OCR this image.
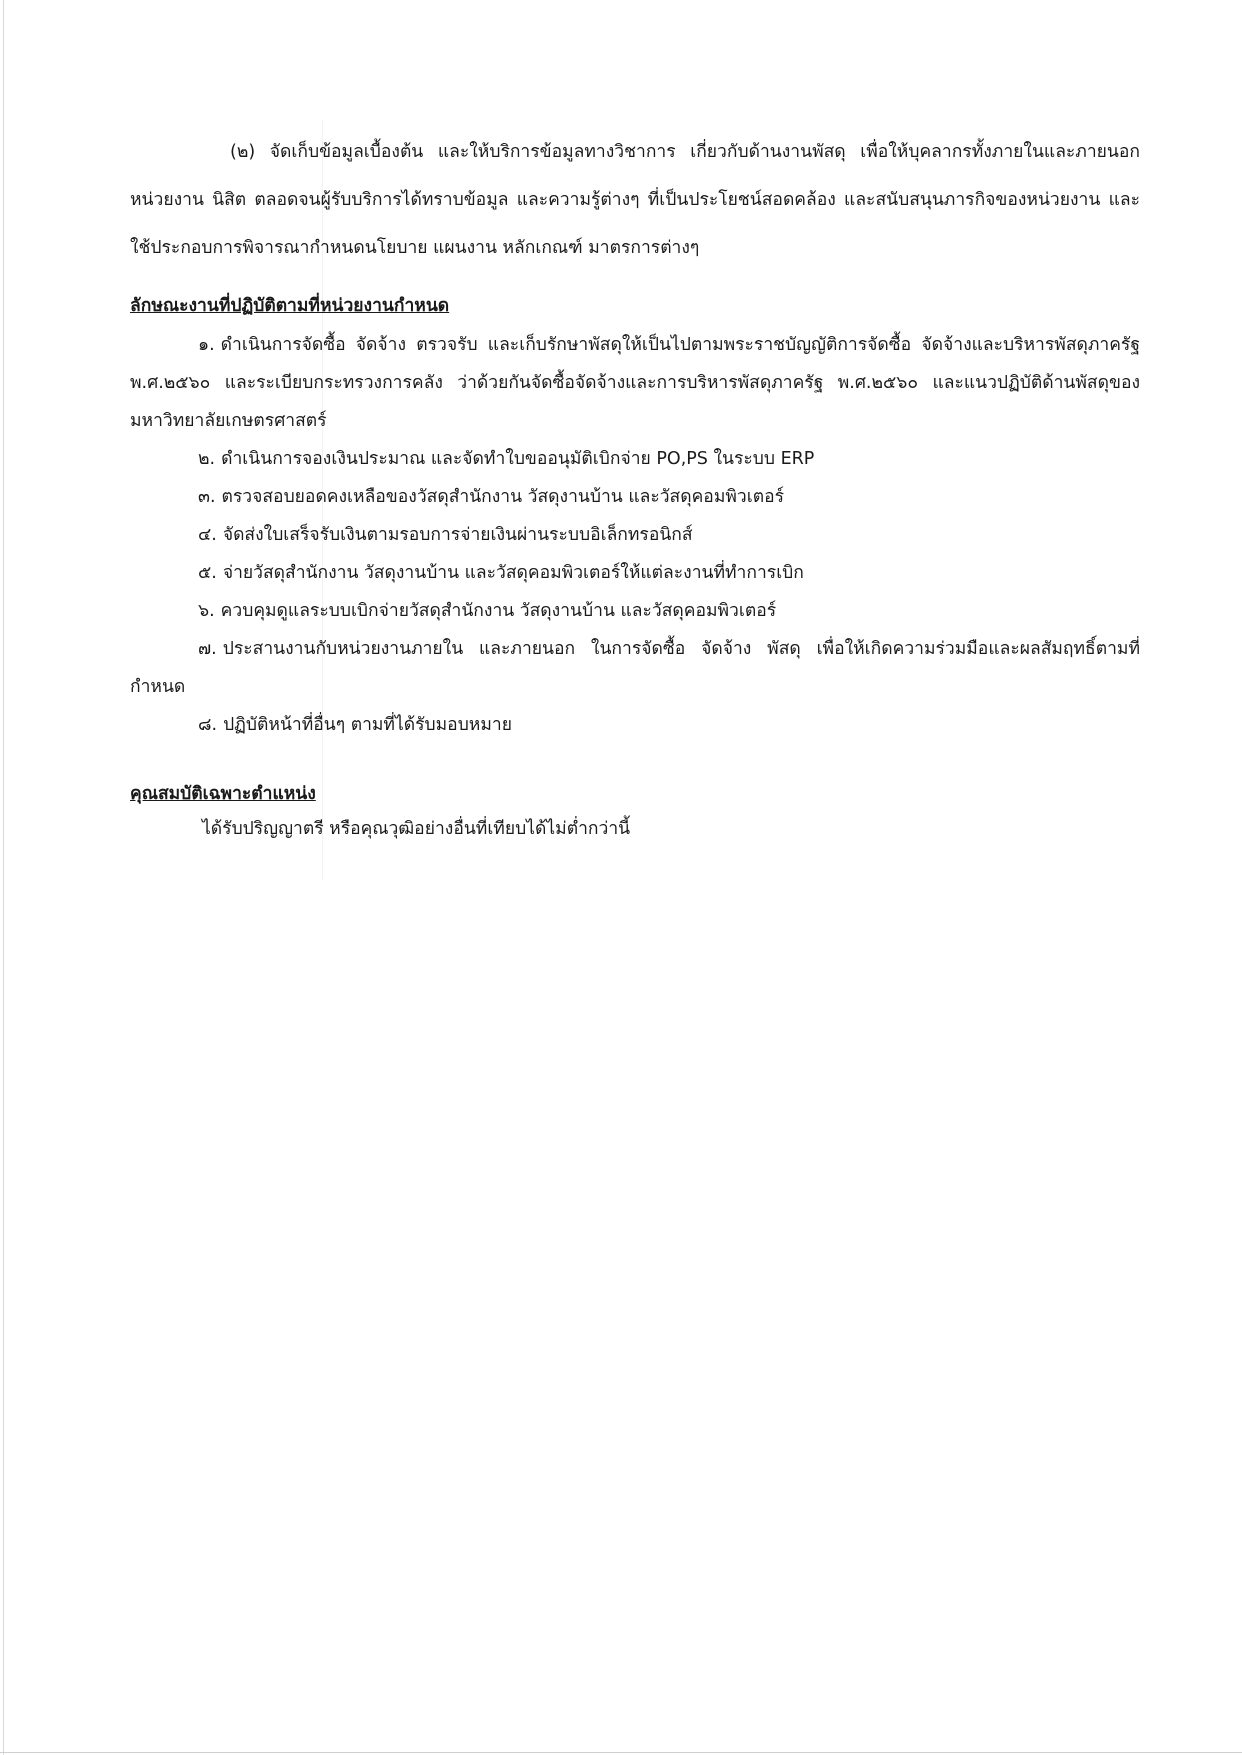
(๒) จัดเก็บข้อมูลเบื้องต้น และให้บริการข้อมูลทางวิชาการ เกี่ยวกับด้านงานพัสดุ เพื่อให้บุคลากรทั้งภายในและภายนอกหน่วยงาน นิสิต ตลอดจนผู้รับบริการได้ทราบข้อมูล และความรู้ต่างๆ ที่เป็นประโยชน์สอดคล้อง และสนับสนุนภารกิจของหน่วยงาน และใช้ประกอบการพิจารณากำหนดนโยบาย แผนงาน หลักเกณฑ์ มาตรการต่างๆ

ลักษณะงานที่ปฏิบัติตามที่หน่วยงานกำหนด
๑. ดำเนินการจัดซื้อ จัดจ้าง ตรวจรับ และเก็บรักษาพัสดุให้เป็นไปตามพระราชบัญญัติการจัดซื้อ จัดจ้างและบริหารพัสดุภาครัฐ พ.ศ.๒๕๖๐ และระเบียบกระทรวงการคลัง ว่าด้วยกันจัดซื้อจัดจ้างและการบริหารพัสดุภาครัฐ พ.ศ.๒๕๖๐ และแนวปฏิบัติด้านพัสดุของมหาวิทยาลัยเกษตรศาสตร์
๒. ดำเนินการจองเงินประมาณ และจัดทำใบขออนุมัติเบิกจ่าย PO,PS ในระบบ ERP
๓. ตรวจสอบยอดคงเหลือของวัสดุสำนักงาน วัสดุงานบ้าน และวัสดุคอมพิวเตอร์
๔. จัดส่งใบเสร็จรับเงินตามรอบการจ่ายเงินผ่านระบบอิเล็กทรอนิกส์
๕. จ่ายวัสดุสำนักงาน วัสดุงานบ้าน และวัสดุคอมพิวเตอร์ให้แต่ละงานที่ทำการเบิก
๖. ควบคุมดูแลระบบเบิกจ่ายวัสดุสำนักงาน วัสดุงานบ้าน และวัสดุคอมพิวเตอร์
๗. ประสานงานกับหน่วยงานภายใน และภายนอก ในการจัดซื้อ จัดจ้าง พัสดุ เพื่อให้เกิดความร่วมมือและผลสัมฤทธิ์ตามที่กำหนด
๘. ปฏิบัติหน้าที่อื่นๆ ตามที่ได้รับมอบหมาย
คุณสมบัติเฉพาะตำแหน่ง

ได้รับปริญญาตรี หรือคุณวุฒิอย่างอื่นที่เทียบได้ไม่ต่ำกว่านี้
